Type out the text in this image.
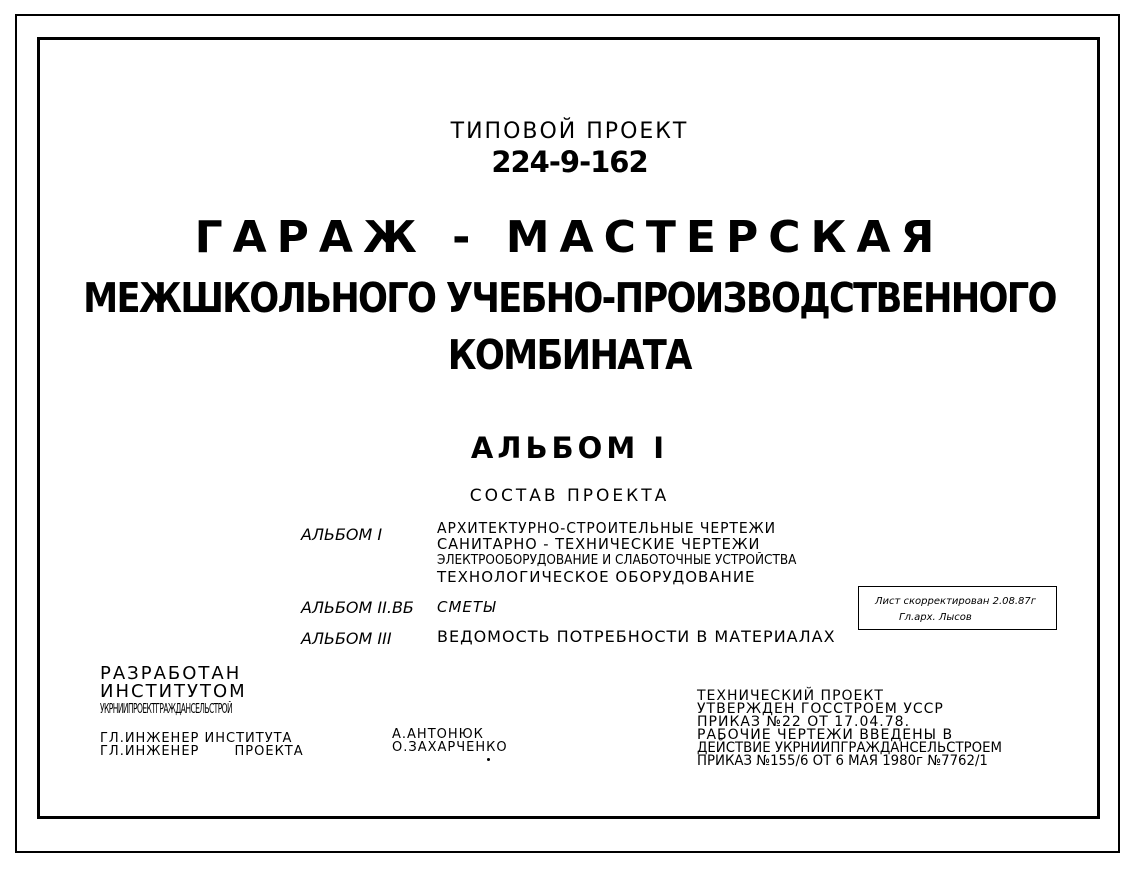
ТИПОВОЙ ПРОЕКТ
224-9-162
ГАРАЖ - МАСТЕРСКАЯ
МЕЖШКОЛЬНОГО УЧЕБНО-ПРОИЗВОДСТВЕННОГО
КОМБИНАТА
АЛЬБОМ I
СОСТАВ ПРОЕКТА
АЛЬБОМ I	АРХИТЕКТУРНО-СТРОИТЕЛЬНЫЕ ЧЕРТЕЖИ
САНИТАРНО - ТЕХНИЧЕСКИЕ ЧЕРТЕЖИ
ЭЛЕКТРООБОРУДОВАНИЕ И СЛАБОТОЧНЫЕ УСТРОЙСТВА
ТЕХНОЛОГИЧЕСКОЕ ОБОРУДОВАНИЕ
АЛЬБОМ II.ВБ СМЕТЫ
АЛЬБОМ III	ВЕДОМОСТЬ ПОТРЕБНОСТИ В МАТЕРИАЛАХ
Лист скорректирован 2.08.87г
Гл.арх. Лысов
РАЗРАБОТАН
ИНСТИТУТОМ
УКРНИИПРОЕКТГРАЖДАНСЕЛЬСТРОЙ
ГЛ.ИНЖЕНЕР ИНСТИТУТА
ГЛ.ИНЖЕНЕР ПРОЕКТА
А.АНТОНЮК
О.ЗАХАРЧЕНКО
ТЕХНИЧЕСКИЙ ПРОЕКТ
УТВЕРЖДЕН ГОССТРОЕМ УССР
ПРИКАЗ №22 ОТ 17.04.78.
РАБОЧИЕ ЧЕРТЕЖИ ВВЕДЕНЫ В
ДЕЙСТВИЕ УКРНИИПГРАЖДАНСЕЛЬСТРОЕМ
ПРИКАЗ №155/6 ОТ 6 МАЯ 1980г №7762/1
